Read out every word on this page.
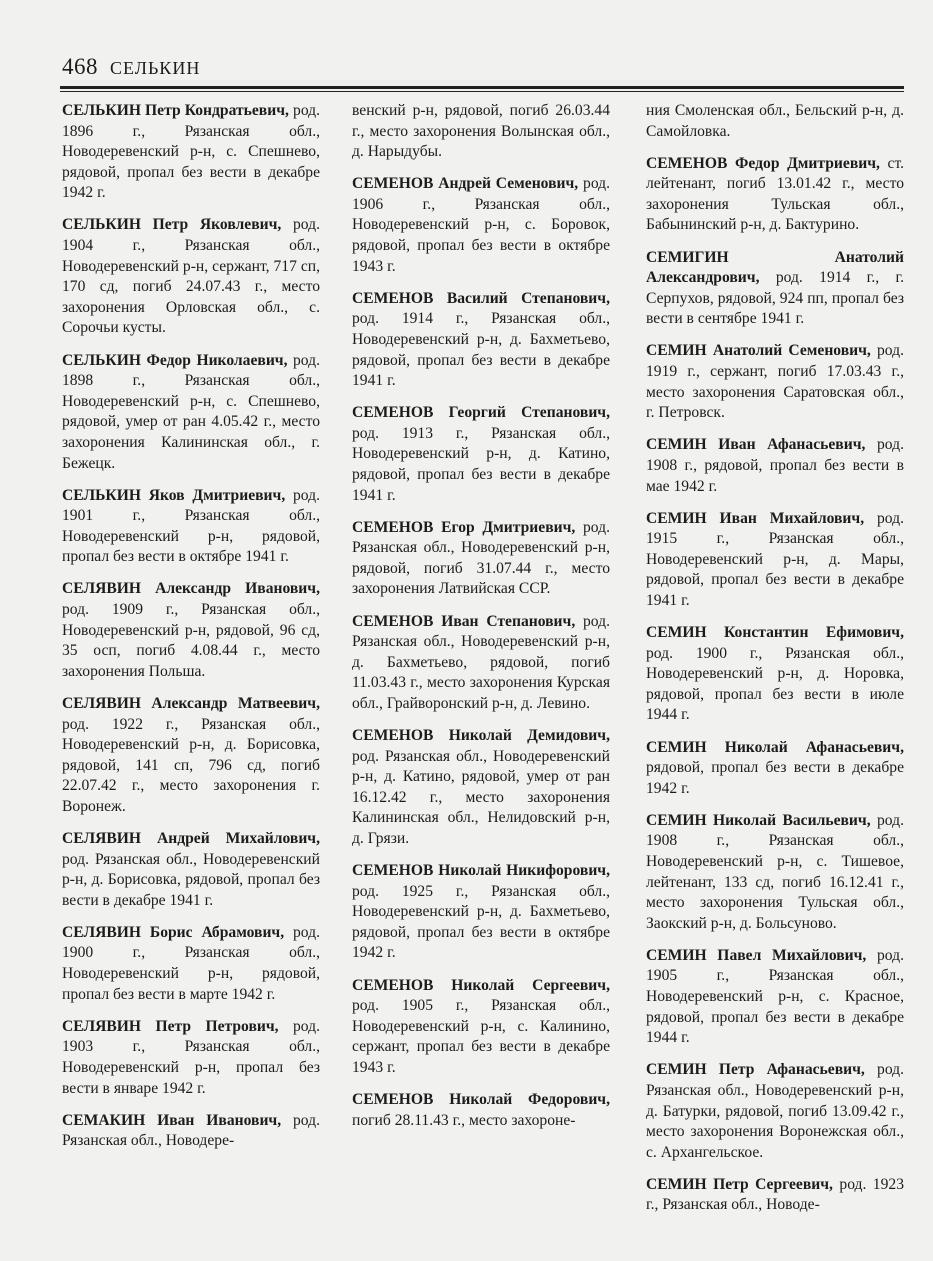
468 СЕЛЬКИН
СЕЛЬКИН Петр Кондратьевич, род. 1896 г., Рязанская обл., Новодеревенский р-н, с. Спешнево, рядовой, пропал без вести в декабре 1942 г.
СЕЛЬКИН Петр Яковлевич, род. 1904 г., Рязанская обл., Новодеревенский р-н, сержант, 717 сп, 170 сд, погиб 24.07.43 г., место захоронения Орловская обл., с. Сорочьи кусты.
СЕЛЬКИН Федор Николаевич, род. 1898 г., Рязанская обл., Новодеревенский р-н, с. Спешнево, рядовой, умер от ран 4.05.42 г., место захоронения Калининская обл., г. Бежецк.
СЕЛЬКИН Яков Дмитриевич, род. 1901 г., Рязанская обл., Новодеревенский р-н, рядовой, пропал без вести в октябре 1941 г.
СЕЛЯВИН Александр Иванович, род. 1909 г., Рязанская обл., Новодеревенский р-н, рядовой, 96 сд, 35 осп, погиб 4.08.44 г., место захоронения Польша.
СЕЛЯВИН Александр Матвеевич, род. 1922 г., Рязанская обл., Новодеревенский р-н, д. Борисовка, рядовой, 141 сп, 796 сд, погиб 22.07.42 г., место захоронения г. Воронеж.
СЕЛЯВИН Андрей Михайлович, род. Рязанская обл., Новодеревенский р-н, д. Борисовка, рядовой, пропал без вести в декабре 1941 г.
СЕЛЯВИН Борис Абрамович, род. 1900 г., Рязанская обл., Новодеревенский р-н, рядовой, пропал без вести в марте 1942 г.
СЕЛЯВИН Петр Петрович, род. 1903 г., Рязанская обл., Новодеревенский р-н, пропал без вести в январе 1942 г.
СЕМАКИН Иван Иванович, род. Рязанская обл., Новодере-
венский р-н, рядовой, погиб 26.03.44 г., место захоронения Волынская обл., д. Нарыдубы.
СЕМЕНОВ Андрей Семенович, род. 1906 г., Рязанская обл., Новодеревенский р-н, с. Боровок, рядовой, пропал без вести в октябре 1943 г.
СЕМЕНОВ Василий Степанович, род. 1914 г., Рязанская обл., Новодеревенский р-н, д. Бахметьево, рядовой, пропал без вести в декабре 1941 г.
СЕМЕНОВ Георгий Степанович, род. 1913 г., Рязанская обл., Новодеревенский р-н, д. Катино, рядовой, пропал без вести в декабре 1941 г.
СЕМЕНОВ Егор Дмитриевич, род. Рязанская обл., Новодеревенский р-н, рядовой, погиб 31.07.44 г., место захоронения Латвийская ССР.
СЕМЕНОВ Иван Степанович, род. Рязанская обл., Новодеревенский р-н, д. Бахметьево, рядовой, погиб 11.03.43 г., место захоронения Курская обл., Грайворонский р-н, д. Левино.
СЕМЕНОВ Николай Демидович, род. Рязанская обл., Новодеревенский р-н, д. Катино, рядовой, умер от ран 16.12.42 г., место захоронения Калининская обл., Нелидовский р-н, д. Грязи.
СЕМЕНОВ Николай Никифорович, род. 1925 г., Рязанская обл., Новодеревенский р-н, д. Бахметьево, рядовой, пропал без вести в октябре 1942 г.
СЕМЕНОВ Николай Сергеевич, род. 1905 г., Рязанская обл., Новодеревенский р-н, с. Калинино, сержант, пропал без вести в декабре 1943 г.
СЕМЕНОВ Николай Федорович, погиб 28.11.43 г., место захороне-
ния Смоленская обл., Бельский р-н, д. Самойловка.
СЕМЕНОВ Федор Дмитриевич, ст. лейтенант, погиб 13.01.42 г., место захоронения Тульская обл., Бабынинский р-н, д. Бактурино.
СЕМИГИН Анатолий Александрович, род. 1914 г., г. Серпухов, рядовой, 924 пп, пропал без вести в сентябре 1941 г.
СЕМИН Анатолий Семенович, род. 1919 г., сержант, погиб 17.03.43 г., место захоронения Саратовская обл., г. Петровск.
СЕМИН Иван Афанасьевич, род. 1908 г., рядовой, пропал без вести в мае 1942 г.
СЕМИН Иван Михайлович, род. 1915 г., Рязанская обл., Новодеревенский р-н, д. Мары, рядовой, пропал без вести в декабре 1941 г.
СЕМИН Константин Ефимович, род. 1900 г., Рязанская обл., Новодеревенский р-н, д. Норовка, рядовой, пропал без вести в июле 1944 г.
СЕМИН Николай Афанасьевич, рядовой, пропал без вести в декабре 1942 г.
СЕМИН Николай Васильевич, род. 1908 г., Рязанская обл., Новодеревенский р-н, с. Тишевое, лейтенант, 133 сд, погиб 16.12.41 г., место захоронения Тульская обл., Заокский р-н, д. Больсуново.
СЕМИН Павел Михайлович, род. 1905 г., Рязанская обл., Новодеревенский р-н, с. Красное, рядовой, пропал без вести в декабре 1944 г.
СЕМИН Петр Афанасьевич, род. Рязанская обл., Новодеревенский р-н, д. Батурки, рядовой, погиб 13.09.42 г., место захоронения Воронежская обл., с. Архангельское.
СЕМИН Петр Сергеевич, род. 1923 г., Рязанская обл., Новоде-
